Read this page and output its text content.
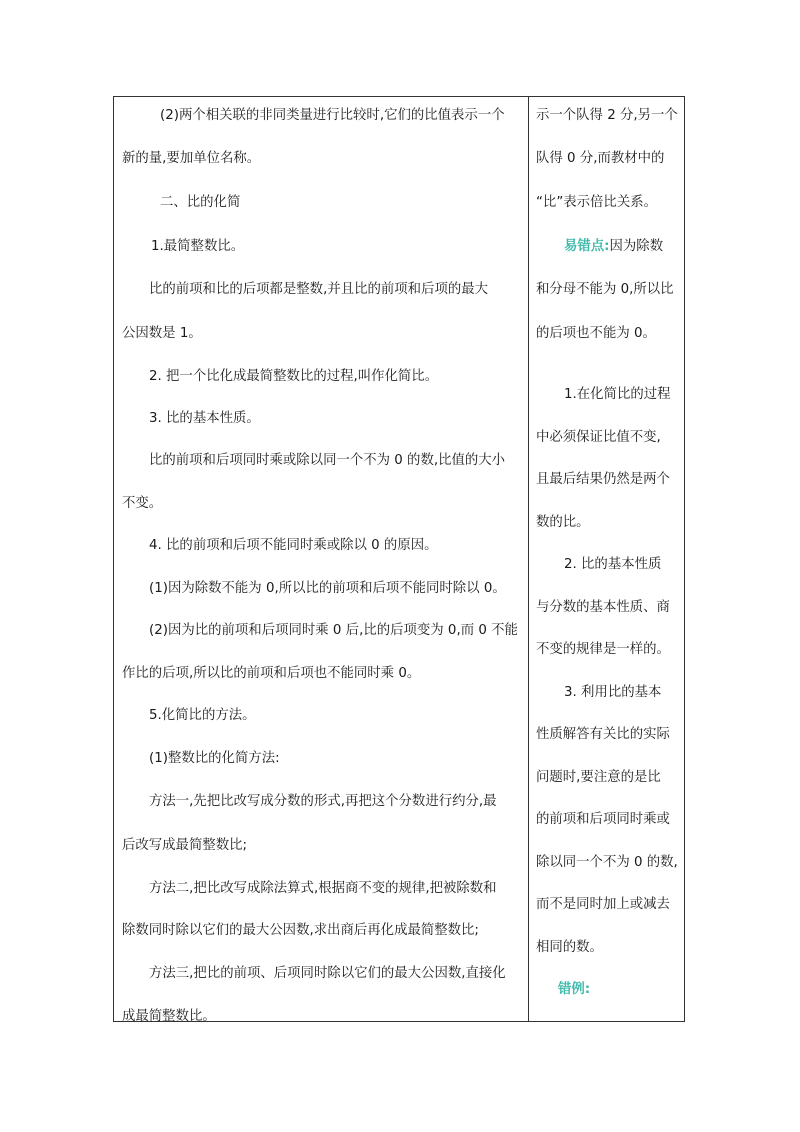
(2)两个相关联的非同类量进行比较时,它们的比值表示一个
新的量,要加单位名称。
二、比的化简
1.最简整数比。
比的前项和比的后项都是整数,并且比的前项和后项的最大
公因数是 1。
2. 把一个比化成最简整数比的过程,叫作化简比。
3. 比的基本性质。
比的前项和后项同时乘或除以同一个不为 0 的数,比值的大小
不变。
4. 比的前项和后项不能同时乘或除以 0 的原因。
(1)因为除数不能为 0,所以比的前项和后项不能同时除以 0。
(2)因为比的前项和后项同时乘 0 后,比的后项变为 0,而 0 不能
作比的后项,所以比的前项和后项也不能同时乘 0。
5.化简比的方法。
(1)整数比的化简方法:
方法一,先把比改写成分数的形式,再把这个分数进行约分,最
后改写成最简整数比;
方法二,把比改写成除法算式,根据商不变的规律,把被除数和
除数同时除以它们的最大公因数,求出商后再化成最简整数比;
方法三,把比的前项、后项同时除以它们的最大公因数,直接化
成最简整数比。
示一个队得 2 分,另一个
队得 0 分,而教材中的
“比”表示倍比关系。
易错点:因为除数
和分母不能为 0,所以比
的后项也不能为 0。
1.在化简比的过程
中必须保证比值不变,
且最后结果仍然是两个
数的比。
2. 比的基本性质
与分数的基本性质、商
不变的规律是一样的。
3. 利用比的基本
性质解答有关比的实际
问题时,要注意的是比
的前项和后项同时乘或
除以同一个不为 0 的数,
而不是同时加上或减去
相同的数。
错例:
